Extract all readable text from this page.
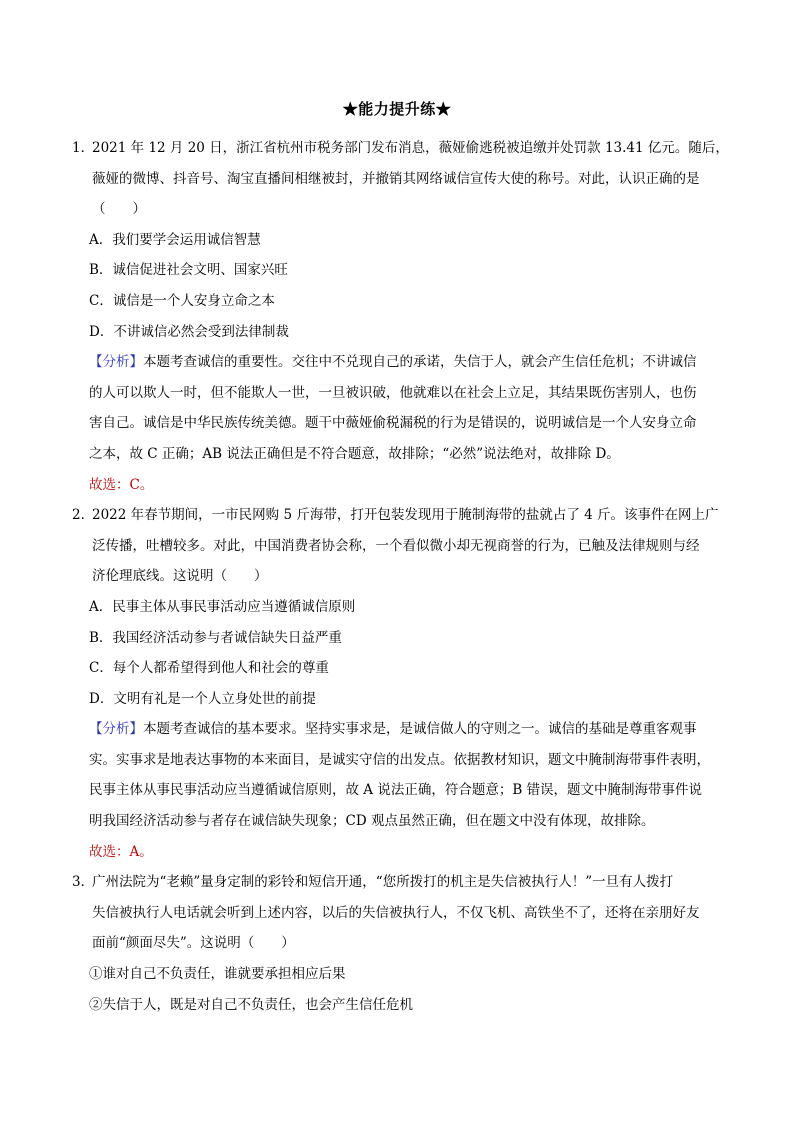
★能力提升练★
1．
2021 年 12 月 20 日，浙江省杭州市税务部门发布消息，薇娅偷逃税被追缴并处罚款 13.41 亿元。随后，
薇娅的微博、抖音号、淘宝直播间相继被封，并撤销其网络诚信宣传大使的称号。对此，认识正确的是
（　　）
A．我们要学会运用诚信智慧
B．诚信促进社会文明、国家兴旺
C．诚信是一个人安身立命之本
D．不讲诚信必然会受到法律制裁
【分析】本题考查诚信的重要性。交往中不兑现自己的承诺，失信于人，就会产生信任危机；不讲诚信
的人可以欺人一时，但不能欺人一世，一旦被识破，他就难以在社会上立足，其结果既伤害别人，也伤
害自己。诚信是中华民族传统美德。题干中薇娅偷税漏税的行为是错误的，说明诚信是一个人安身立命
之本，故 C 正确；AB 说法正确但是不符合题意，故排除；“必然”说法绝对，故排除 D。
故选：C。
2．
2022 年春节期间，一市民网购 5 斤海带，打开包装发现用于腌制海带的盐就占了 4 斤。该事件在网上广
泛传播，吐槽较多。对此，中国消费者协会称，一个看似微小却无视商誉的行为，已触及法律规则与经
济伦理底线。这说明（　　）
A．民事主体从事民事活动应当遵循诚信原则
B．我国经济活动参与者诚信缺失日益严重
C．每个人都希望得到他人和社会的尊重
D．文明有礼是一个人立身处世的前提
【分析】本题考查诚信的基本要求。坚持实事求是，是诚信做人的守则之一。诚信的基础是尊重客观事
实。实事求是地表达事物的本来面目，是诚实守信的出发点。依据教材知识，题文中腌制海带事件表明，
民事主体从事民事活动应当遵循诚信原则，故 A 说法正确，符合题意；B 错误，题文中腌制海带事件说
明我国经济活动参与者存在诚信缺失现象；CD 观点虽然正确，但在题文中没有体现，故排除。
故选：A。
3．
广州法院为“老赖”量身定制的彩铃和短信开通，“您所拨打的机主是失信被执行人！”一旦有人拨打
失信被执行人电话就会听到上述内容，以后的失信被执行人，不仅飞机、高铁坐不了，还将在亲朋好友
面前“颜面尽失”。这说明（　　）
①谁对自己不负责任，谁就要承担相应后果
②失信于人，既是对自己不负责任，也会产生信任危机
